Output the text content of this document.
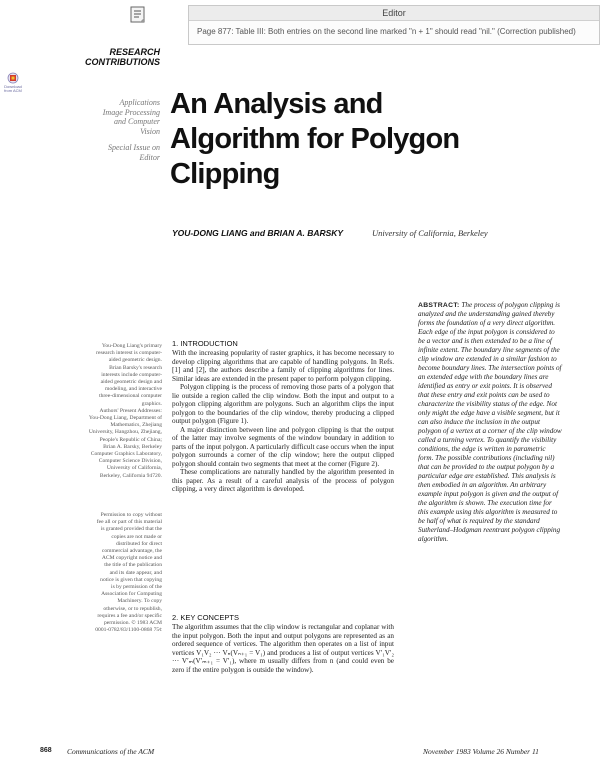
Editor
Page 877: Table III: Both entries on the second line marked "n + 1" should read "nil." (Correction published)
Download from ACM
RESEARCH
CONTRIBUTIONS
Applications
Image Processing
and Computer
Vision
Special Issue on
Editor
You-Dong Liang's primary
research interest is computer-
aided geometric design.
Brian Barsky's research
interests include computer-
aided geometric design and
modeling, and interactive
three-dimensional computer
graphics.
Authors' Present Addresses:
You-Dong Liang, Department of
Mathematics, Zhejiang
University, Hangzhou, Zhejiang,
People's Republic of China;
Brian A. Barsky, Berkeley
Computer Graphics Laboratory,
Computer Science Division,
University of California,
Berkeley, California 94720.
Permission to copy without
fee all or part of this material
is granted provided that the
copies are not made or
distributed for direct
commercial advantage, the
ACM copyright notice and
the title of the publication
and its date appear, and
notice is given that copying
is by permission of the
Association for Computing
Machinery. To copy
otherwise, or to republish,
requires a fee and/or specific
permission. © 1983 ACM
0001-0782/83/1100-0868 75¢
An Analysis and
Algorithm for Polygon
Clipping
YOU-DONG LIANG and BRIAN A. BARSKY	University of California, Berkeley
ABSTRACT: The process of polygon clipping is analyzed and the understanding gained thereby forms the foundation of a very direct algorithm. Each edge of the input polygon is considered to be a vector and is then extended to be a line of infinite extent. The boundary line segments of the clip window are extended in a similar fashion to become boundary lines. The intersection points of an extended edge with the boundary lines are identified as entry or exit points. It is observed that these entry and exit points can be used to characterize the visibility status of the edge. Not only might the edge have a visible segment, but it can also induce the inclusion in the output polygon of a vertex at a corner of the clip window called a turning vertex. To quantify the visibility conditions, the edge is written in parametric form. The possible contributions (including nil) that can be provided to the output polygon by a particular edge are established. This analysis is then embodied in an algorithm. An arbitrary example input polygon is given and the output of the algorithm is shown. The execution time for this example using this algorithm is measured to be half of what is required by the standard Sutherland–Hodgman reentrant polygon clipping algorithm.
1. INTRODUCTION

With the increasing popularity of raster graphics, it has become necessary to develop clipping algorithms that are capable of handling polygons. In Refs. [1] and [2], the authors describe a family of clipping algorithms for lines. Similar ideas are extended in the present paper to perform polygon clipping.

Polygon clipping is the process of removing those parts of a polygon that lie outside a region called the clip window. Both the input and output to a polygon clipping algorithm are polygons. Such an algorithm clips the input polygon to the boundaries of the clip window, thereby producing a clipped output polygon (Figure 1).

A major distinction between line and polygon clipping is that the output of the latter may involve segments of the window boundary in addition to parts of the input polygon. A particularly difficult case occurs when the input polygon surrounds a corner of the clip window; here the output clipped polygon should contain two segments that meet at the corner (Figure 2).

These complications are naturally handled by the algorithm presented in this paper. As a result of a careful analysis of the process of polygon clipping, a very direct algorithm is developed.

2. KEY CONCEPTS

The algorithm assumes that the clip window is rectangular and coplanar with the input polygon. Both the input and output polygons are represented as an ordered sequence of vertices. The algorithm then operates on a list of input vertices V₁V₂ ··· Vₙ(Vₙ₊₁ = V₁) and produces a list of output vertices V′₁V′₂ ··· V′ₘ(V′ₘ₊₁ = V′₁), where m usually differs from n (and could even be zero if the entire polygon is outside the window).

868 Communications of the ACM	November 1983 Volume 26 Number 11
